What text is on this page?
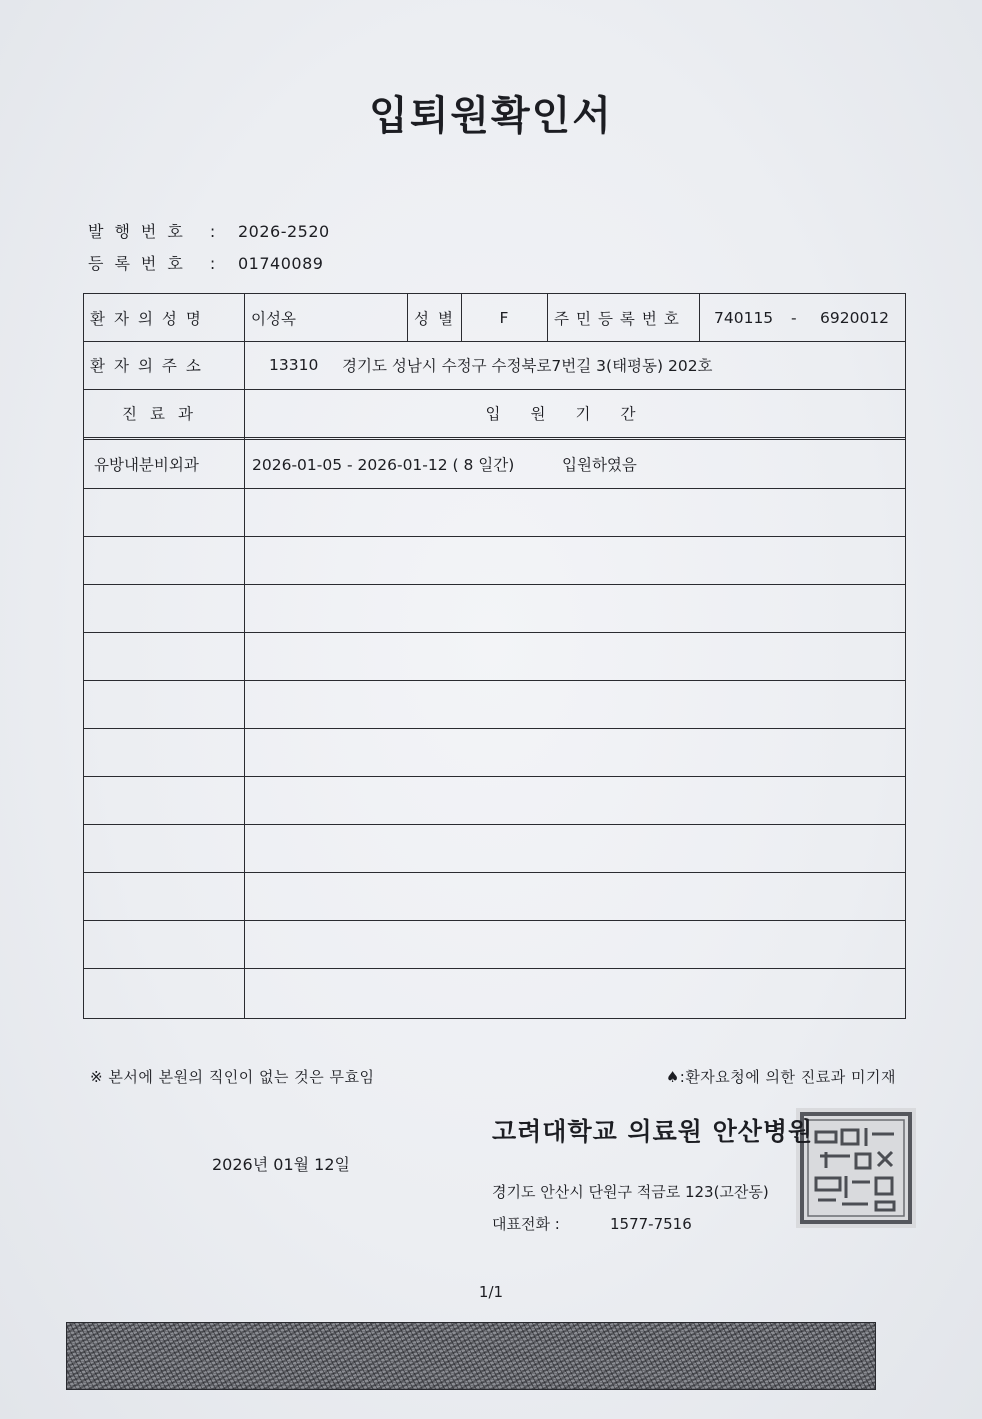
입퇴원확인서
발행번호 : 2026-2520
등록번호 : 01740089
환자의성명	이성옥	성별	F	주민등록번호 740115 - 6920012
환자의주소	13310 경기도 성남시 수정구 수정북로7번길 3(태평동) 202호
진료과	입원기간
유방내분비외과	2026-01-05 - 2026-01-12 ( 8 일간)	입원하였음
※ 본서에 본원의 직인이 없는 것은 무효임	♠:환자요청에 의한 진료과 미기재
2026년 01월 12일
고려대학교 의료원 안산병원
경기도 안산시 단원구 적금로 123(고잔동)
대표전화 :	1577-7516
1/1
